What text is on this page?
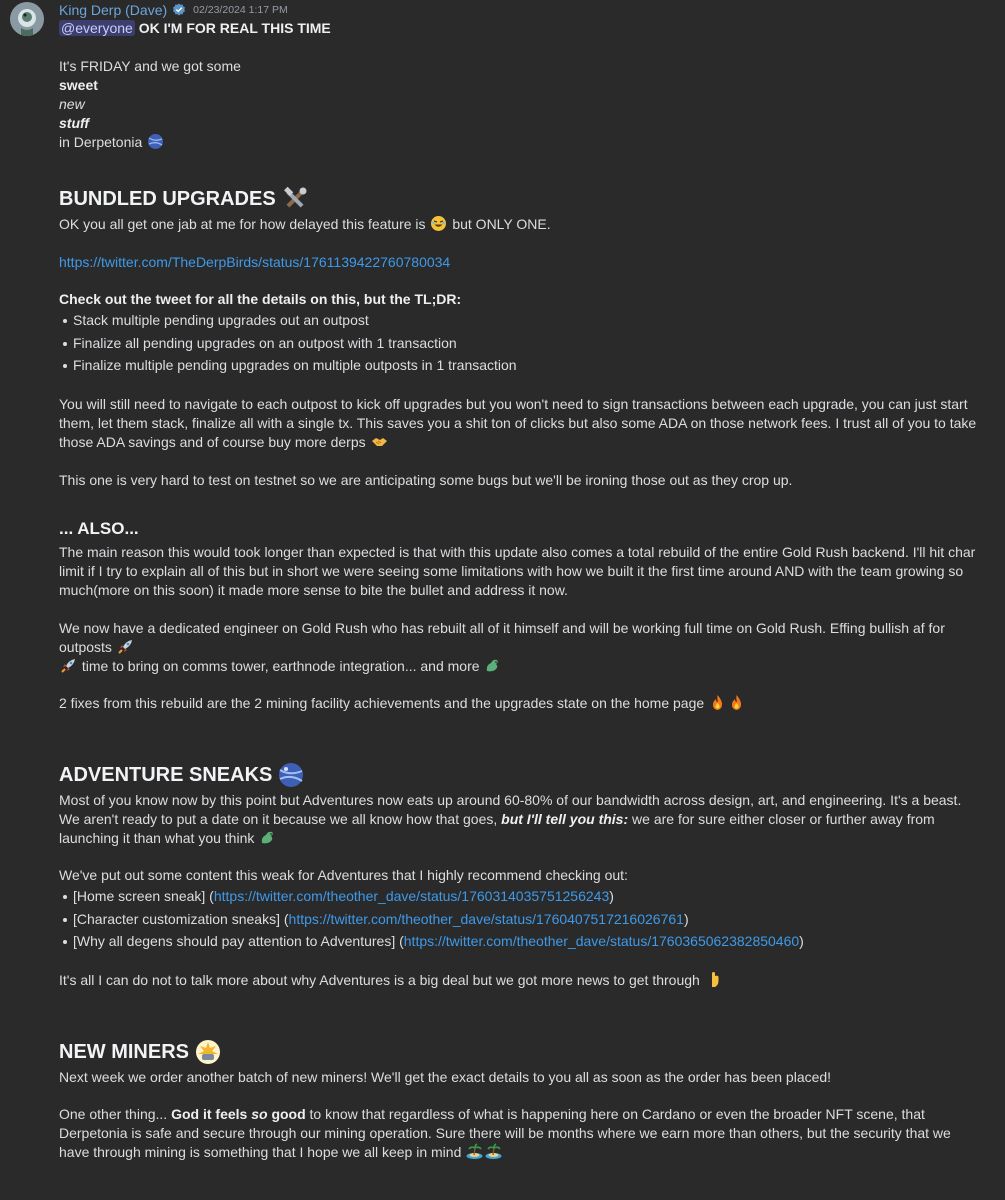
King Derp (Dave) 02/23/2024 1:17 PM
@everyone OK I'M FOR REAL THIS TIME
It's FRIDAY and we got some
sweet
new
stuff
in Derpetonia
BUNDLED UPGRADES
OK you all get one jab at me for how delayed this feature is but ONLY ONE.
https://twitter.com/TheDerpBirds/status/1761139422760780034
Check out the tweet for all the details on this, but the TL;DR:
Stack multiple pending upgrades out an outpost
Finalize all pending upgrades on an outpost with 1 transaction
Finalize multiple pending upgrades on multiple outposts in 1 transaction
You will still need to navigate to each outpost to kick off upgrades but you won't need to sign transactions between each upgrade, you can just start them, let them stack, finalize all with a single tx. This saves you a shit ton of clicks but also some ADA on those network fees. I trust all of you to take those ADA savings and of course buy more derps
This one is very hard to test on testnet so we are anticipating some bugs but we'll be ironing those out as they crop up.
... ALSO...
The main reason this would took longer than expected is that with this update also comes a total rebuild of the entire Gold Rush backend. I'll hit char limit if I try to explain all of this but in short we were seeing some limitations with how we built it the first time around AND with the team growing so much(more on this soon) it made more sense to bite the bullet and address it now.
We now have a dedicated engineer on Gold Rush who has rebuilt all of it himself and will be working full time on Gold Rush. Effing bullish af for outposts
time to bring on comms tower, earthnode integration... and more
2 fixes from this rebuild are the 2 mining facility achievements and the upgrades state on the home page
ADVENTURE SNEAKS
Most of you know now by this point but Adventures now eats up around 60-80% of our bandwidth across design, art, and engineering. It's a beast. We aren't ready to put a date on it because we all know how that goes, but I'll tell you this: we are for sure either closer or further away from launching it than what you think
We've put out some content this weak for Adventures that I highly recommend checking out:
[Home screen sneak] (https://twitter.com/theother_dave/status/1760314035751256243)
[Character customization sneaks] (https://twitter.com/theother_dave/status/1760407517216026761)
[Why all degens should pay attention to Adventures] (https://twitter.com/theother_dave/status/1760365062382850460)
It's all I can do not to talk more about why Adventures is a big deal but we got more news to get through
NEW MINERS
Next week we order another batch of new miners! We'll get the exact details to you all as soon as the order has been placed!
One other thing... God it feels so good to know that regardless of what is happening here on Cardano or even the broader NFT scene, that Derpetonia is safe and secure through our mining operation. Sure there will be months where we earn more than others, but the security that we have through mining is something that I hope we all keep in mind
